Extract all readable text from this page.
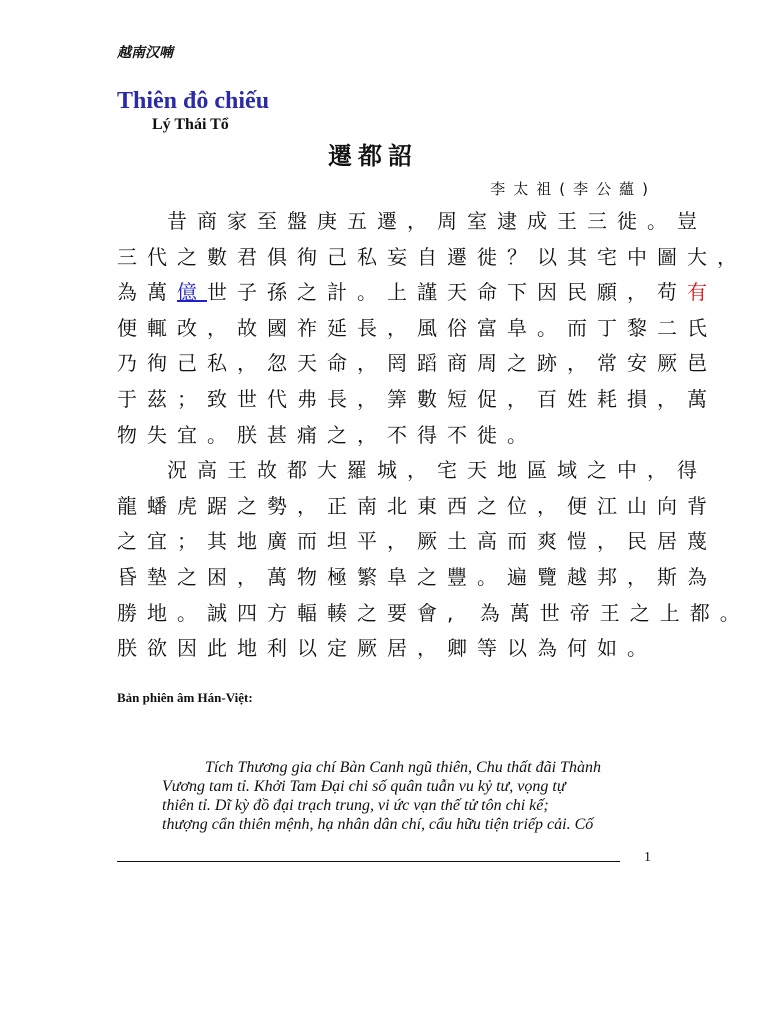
越南汉喃
Thiên đô chiếu
Lý Thái Tổ
遷都詔
李太祖(李公蘊)
昔商家至盤庚五遷，周室逮成王三徙。豈
三代之數君俱徇己私妄自遷徙？以其宅中圖大，
為萬億世子孫之計。上謹天命下因民願，苟有
便輒改，故國祚延長，風俗富阜。而丁黎二氏
乃徇己私，忽天命，罔蹈商周之跡，常安厥邑
于茲；致世代弗長，筭數短促，百姓耗損，萬
物失宜。朕甚痛之，不得不徙。
況高王故都大羅城，宅天地區域之中，得
龍蟠虎踞之勢，正南北東西之位，便江山向背
之宜；其地廣而坦平，厥土高而爽愷，民居蔑
昏墊之困，萬物極繁阜之豐。遍覽越邦，斯為
勝地。誠四方輻輳之要會, 為萬世帝王之上都。
朕欲因此地利以定厥居，卿等以為何如。
Bản phiên âm Hán-Việt:
Tích Thương gia chí Bàn Canh ngũ thiên, Chu thất đãi Thành
Vương tam tỉ. Khởi Tam Đại chi số quân tuẫn vu kỷ tư, vọng tự
thiên tỉ. Dĩ kỳ đồ đại trạch trung, vi ức vạn thế tử tôn chi kế;
thượng cẩn thiên mệnh, hạ nhân dân chí, cẩu hữu tiện triếp cải. Cố
1
